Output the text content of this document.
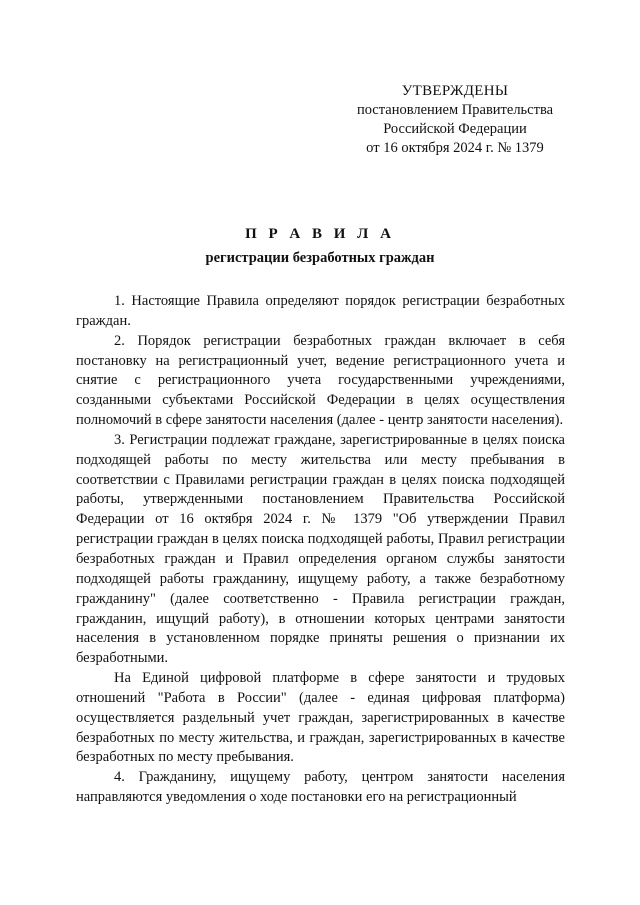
УТВЕРЖДЕНЫ
постановлением Правительства
Российской Федерации
от 16 октября 2024 г. № 1379
П Р А В И Л А
регистрации безработных граждан

1. Настоящие Правила определяют порядок регистрации безработных граждан.

2. Порядок регистрации безработных граждан включает в себя постановку на регистрационный учет, ведение регистрационного учета и снятие с регистрационного учета государственными учреждениями, созданными субъектами Российской Федерации в целях осуществления полномочий в сфере занятости населения (далее - центр занятости населения).

3. Регистрации подлежат граждане, зарегистрированные в целях поиска подходящей работы по месту жительства или месту пребывания в соответствии с Правилами регистрации граждан в целях поиска подходящей работы, утвержденными постановлением Правительства Российской Федерации от 16 октября 2024 г. № 1379 "Об утверждении Правил регистрации граждан в целях поиска подходящей работы, Правил регистрации безработных граждан и Правил определения органом службы занятости подходящей работы гражданину, ищущему работу, а также безработному гражданину" (далее соответственно - Правила регистрации граждан, гражданин, ищущий работу), в отношении которых центрами занятости населения в установленном порядке приняты решения о признании их безработными.

На Единой цифровой платформе в сфере занятости и трудовых отношений "Работа в России" (далее - единая цифровая платформа) осуществляется раздельный учет граждан, зарегистрированных в качестве безработных по месту жительства, и граждан, зарегистрированных в качестве безработных по месту пребывания.

4. Гражданину, ищущему работу, центром занятости населения направляются уведомления о ходе постановки его на регистрационный
